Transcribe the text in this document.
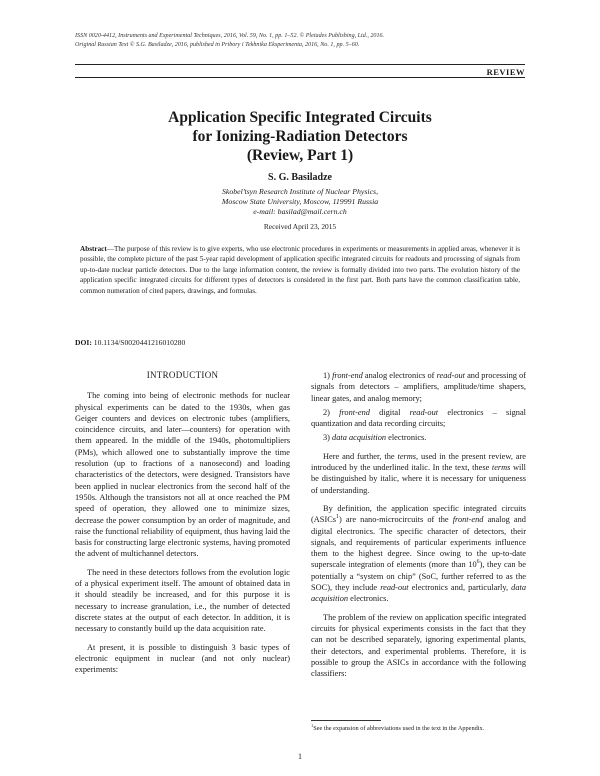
ISSN 0020-4412, Instruments and Experimental Techniques, 2016, Vol. 59, No. 1, pp. 1–52. © Pleiades Publishing, Ltd., 2016.
Original Russian Text © S.G. Basiladze, 2016, published in Pribory i Tekhnika Eksperimenta, 2016, No. 1, pp. 5–60.
REVIEW
Application Specific Integrated Circuits
for Ionizing-Radiation Detectors
(Review, Part 1)
S. G. Basiladze
Skobel’tsyn Research Institute of Nuclear Physics,
Moscow State University, Moscow, 119991 Russia
e-mail: basilad@mail.cern.ch
Received April 23, 2015
Abstract—The purpose of this review is to give experts, who use electronic procedures in experiments or measurements in applied areas, whenever it is possible, the complete picture of the past 5-year rapid development of application specific integrated circuits for readouts and processing of signals from up-to-date nuclear particle detectors. Due to the large information content, the review is formally divided into two parts. The evolution history of the application specific integrated circuits for different types of detectors is considered in the first part. Both parts have the common classification table, common numeration of cited papers, drawings, and formulas.
DOI: 10.1134/S0020441216010280
INTRODUCTION

The coming into being of electronic methods for nuclear physical experiments can be dated to the 1930s, when gas Geiger counters and devices on electronic tubes (amplifiers, coincidence circuits, and later—counters) for operation with them appeared. In the middle of the 1940s, photomultipliers (PMs), which allowed one to substantially improve the time resolution (up to fractions of a nanosecond) and loading characteristics of the detectors, were designed. Transistors have been applied in nuclear electronics from the second half of the 1950s. Although the transistors not all at once reached the PM speed of operation, they allowed one to minimize sizes, decrease the power consumption by an order of magnitude, and raise the functional reliability of equipment, thus having laid the basis for constructing large electronic systems, having promoted the advent of multichannel detectors.

The need in these detectors follows from the evolution logic of a physical experiment itself. The amount of obtained data in it should steadily be increased, and for this purpose it is necessary to increase granulation, i.e., the number of detected discrete states at the output of each detector. In addition, it is necessary to constantly build up the data acquisition rate.

At present, it is possible to distinguish 3 basic types of electronic equipment in nuclear (and not only nuclear) experiments:

1) front-end analog electronics of read-out and processing of signals from detectors – amplifiers, amplitude/time shapers, linear gates, and analog memory;

2) front-end digital read-out electronics – signal quantization and data recording circuits;

3) data acquisition electronics.

Here and further, the terms, used in the present review, are introduced by the underlined italic. In the text, these terms will be distinguished by italic, where it is necessary for uniqueness of understanding.

By definition, the application specific integrated circuits (ASICs$^1$) are nano-microcircuits of the front-end analog and digital electronics. The specific character of detectors, their signals, and requirements of particular experiments influence them to the highest degree. Since owing to the up-to-date superscale integration of elements (more than $10^6$), they can be potentially a “system on chip” (SoC, further referred to as the SOC), they include read-out electronics and, particularly, data acquisition electronics.

The problem of the review on application specific integrated circuits for physical experiments consists in the fact that they can not be described separately, ignoring experimental plants, their detectors, and experimental problems. Therefore, it is possible to group the ASICs in accordance with the following classifiers:

$^1$See the expansion of abbreviations used in the text in the Appendix.
1
